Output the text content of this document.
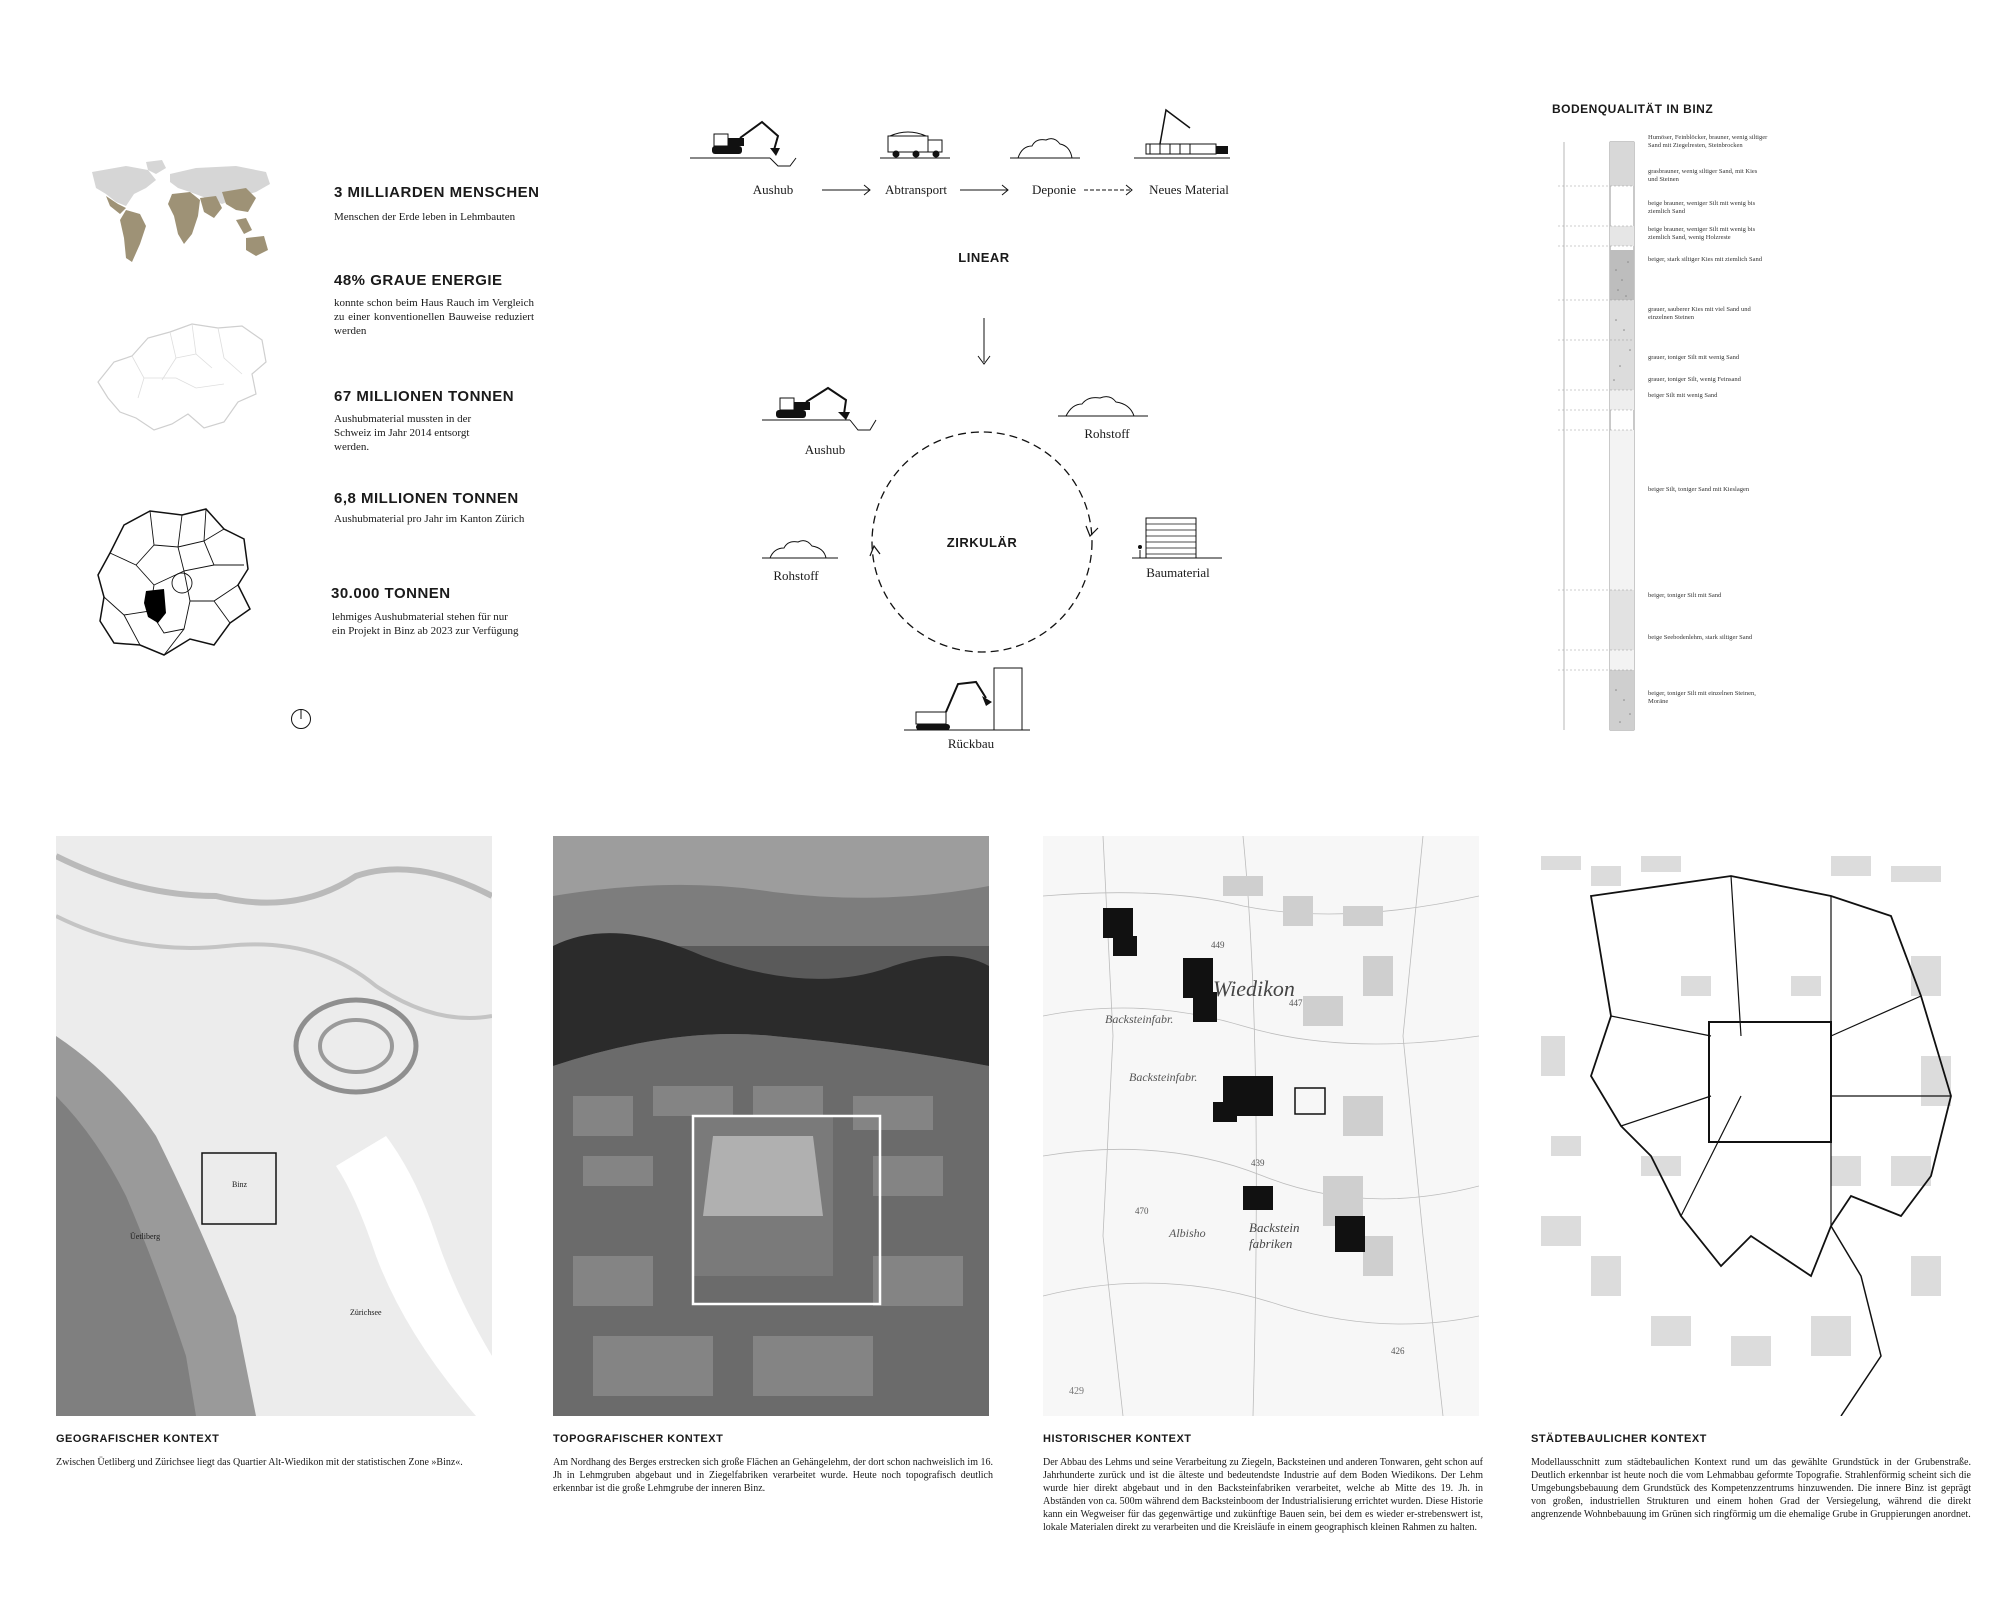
3 MILLIARDEN MENSCHEN
Menschen der Erde leben in Lehmbauten
48% GRAUE ENERGIE
konnte schon beim Haus Rauch im Vergleich zu einer konventionellen Bauweise reduziert werden
67 MILLIONEN TONNEN
Aushubmaterial mussten in der Schweiz im Jahr 2014 entsorgt werden.
6,8 MILLIONEN TONNEN
Aushubmaterial pro Jahr im Kanton Zürich
30.000 TONNEN
lehmiges Aushubmaterial stehen für nur ein Projekt in Binz ab 2023 zur Verfügung
Aushub	Abtransport	Deponie	Neues Material
LINEAR
ZIRKULÄR
Aushub
Rohstoff
Baumaterial
Rückbau
Rohstoff
BODENQUALITÄT IN BINZ
Humöser, Feinblöcker, brauner, wenig siltiger Sand mit Ziegelresten, Steinbrocken
grasbrauner, wenig siltiger Sand, mit Kies und Steinen
beige brauner, weniger Silt mit wenig bis ziemlich Sand
beige brauner, weniger Silt mit wenig bis ziemlich Sand, wenig Holzreste
beiger, stark siltiger Kies mit ziemlich Sand
grauer, sauberer Kies mit viel Sand und einzelnen Steinen
grauer, toniger Silt mit wenig Sand
grauer, toniger Silt, wenig Feinsand
beiger Silt mit wenig Sand
beiger Silt, toniger Sand mit Kieslagen
beiger, toniger Silt mit Sand
beige Seebodenlehm, stark siltiger Sand
beiger, toniger Silt mit einzelnen Steinen, Moräne
Binz
Üetliberg
Zürichsee
Wiedikon
Backsteinfabr.
Backsteinfabr.
Albisho	Backstein fabriken
447
449
439
426
470
429
GEOGRAFISCHER KONTEXT
Zwischen Üetliberg und Zürichsee liegt das Quartier Alt-Wiedikon mit der statistischen Zone »Binz«.
TOPOGRAFISCHER KONTEXT
Am Nordhang des Berges erstrecken sich große Flächen an Gehängelehm, der dort schon nachweislich im 16. Jh in Lehmgruben abgebaut und in Ziegelfabriken verarbeitet wurde. Heute noch topografisch deutlich erkennbar ist die große Lehmgrube der inneren Binz.
HISTORISCHER KONTEXT
Der Abbau des Lehms und seine Verarbeitung zu Ziegeln, Backsteinen und anderen Tonwaren, geht schon auf Jahrhunderte zurück und ist die älteste und bedeutendste Industrie auf dem Boden Wiedikons. Der Lehm wurde hier direkt abgebaut und in den Backsteinfabriken verarbeitet, welche ab Mitte des 19. Jh. in Abständen von ca. 500m während dem Backsteinboom der Industrialisierung errichtet wurden. Diese Historie kann ein Wegweiser für das gegenwärtige und zukünftige Bauen sein, bei dem es wieder er-strebenswert ist, lokale Materialen direkt zu verarbeiten und die Kreisläufe in einem geographisch kleinen Rahmen zu halten.
STÄDTEBAULICHER KONTEXT
Modellausschnitt zum städtebaulichen Kontext rund um das gewählte Grundstück in der Grubenstraße. Deutlich erkennbar ist heute noch die vom Lehmabbau geformte Topografie. Strahlenförmig scheint sich die Umgebungsbebauung dem Grundstück des Kompetenzzentrums hinzuwenden. Die innere Binz ist geprägt von großen, industriellen Strukturen und einem hohen Grad der Versiegelung, während die direkt angrenzende Wohnbebauung im Grünen sich ringförmig um die ehemalige Grube in Gruppierungen anordnet.
